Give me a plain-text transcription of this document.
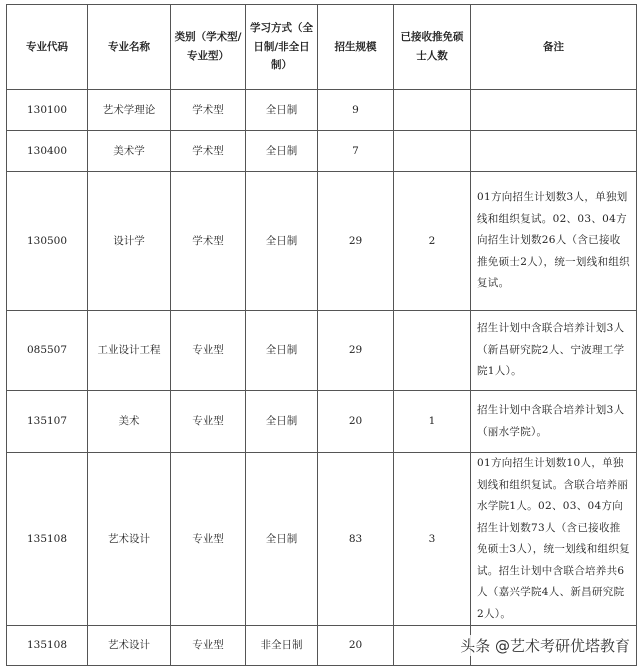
专业代码	专业名称	类别（学术型/专业型）	学习方式（全日制/非全日制）	招生规模	已接收推免硕士人数	备注
130100	艺术学理论	学术型	全日制	9		
130400	美术学	学术型	全日制	7		
130500	设计学	学术型	全日制	29	2	01方向招生计划数3人，单独划线和组织复试。02、03、04方向招生计划数26人（含已接收推免硕士2人），统一划线和组织复试。
085507	工业设计工程	专业型	全日制	29		招生计划中含联合培养计划3人（新昌研究院2人、宁波理工学院1人）。
135107	美术	专业型	全日制	20	1	招生计划中含联合培养计划3人（丽水学院）。
135108	艺术设计	专业型	全日制	83	3	01方向招生计划数10人，单独划线和组织复试。含联合培养丽水学院1人。02、03、04方向招生计划数73人（含已接收推免硕士3人），统一划线和组织复试。招生计划中含联合培养共6人（嘉兴学院4人、新昌研究院2人）。
135108	艺术设计	专业型	非全日制	20			头条 @艺术考研优塔教育
